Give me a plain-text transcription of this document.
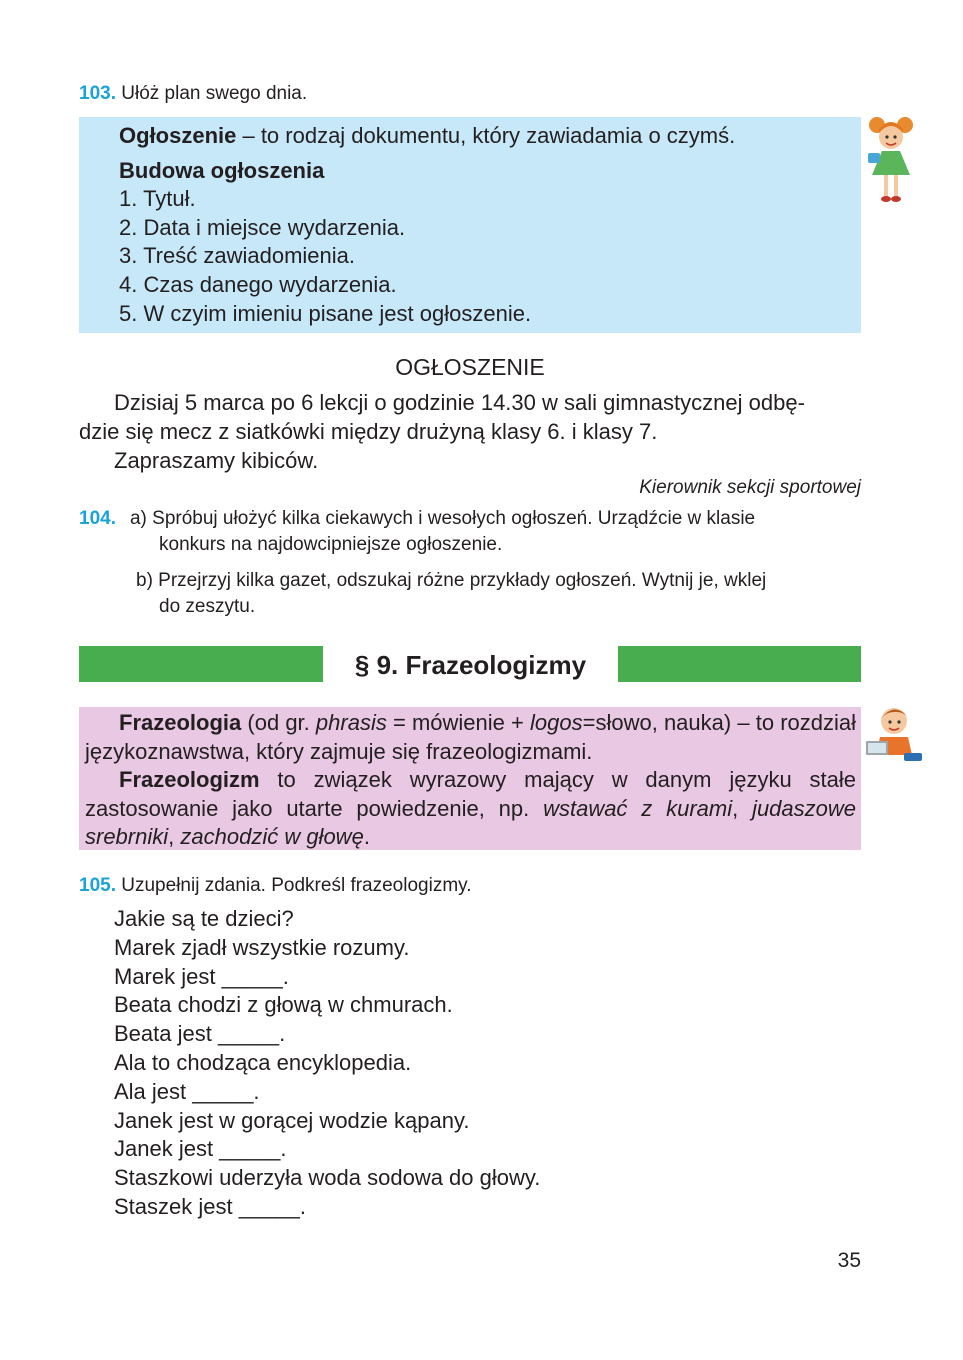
103. Ułóż plan swego dnia.
Ogłoszenie – to rodzaj dokumentu, który zawiadamia o czymś.
Budowa ogłoszenia
1. Tytuł.
2. Data i miejsce wydarzenia.
3. Treść zawiadomienia.
4. Czas danego wydarzenia.
5. W czyim imieniu pisane jest ogłoszenie.
OGŁOSZENIE
Dzisiaj 5 marca po 6 lekcji o godzinie 14.30 w sali gimnastycznej odbę-
dzie się mecz z siatkówki między drużyną klasy 6. i klasy 7.
Zapraszamy kibiców.
Kierownik sekcji sportowej
104. a) Spróbuj ułożyć kilka ciekawych i wesołych ogłoszeń. Urządźcie w klasie
konkurs na najdowcipniejsze ogłoszenie.
b) Przejrzyj kilka gazet, odszukaj różne przykłady ogłoszeń. Wytnij je, wklej
do zeszytu.
§ 9. Frazeologizmy

Frazeologia (od gr. phrasis = mówienie + logos=słowo, nauka) – to rozdział językoznawstwa, który zajmuje się frazeologizmami.

Frazeologizm to związek wyrazowy mający w danym języku stałe zastosowanie jako utarte powiedzenie, np. wstawać z kurami, judaszowe srebrniki, zachodzić w głowę.

105. Uzupełnij zdania. Podkreśl frazeologizmy.
Jakie są te dzieci?
Marek zjadł wszystkie rozumy.
Marek jest _____.
Beata chodzi z głową w chmurach.
Beata jest _____.
Ala to chodząca encyklopedia.
Ala jest _____.
Janek jest w gorącej wodzie kąpany.
Janek jest _____.
Staszkowi uderzyła woda sodowa do głowy.
Staszek jest _____.
35
